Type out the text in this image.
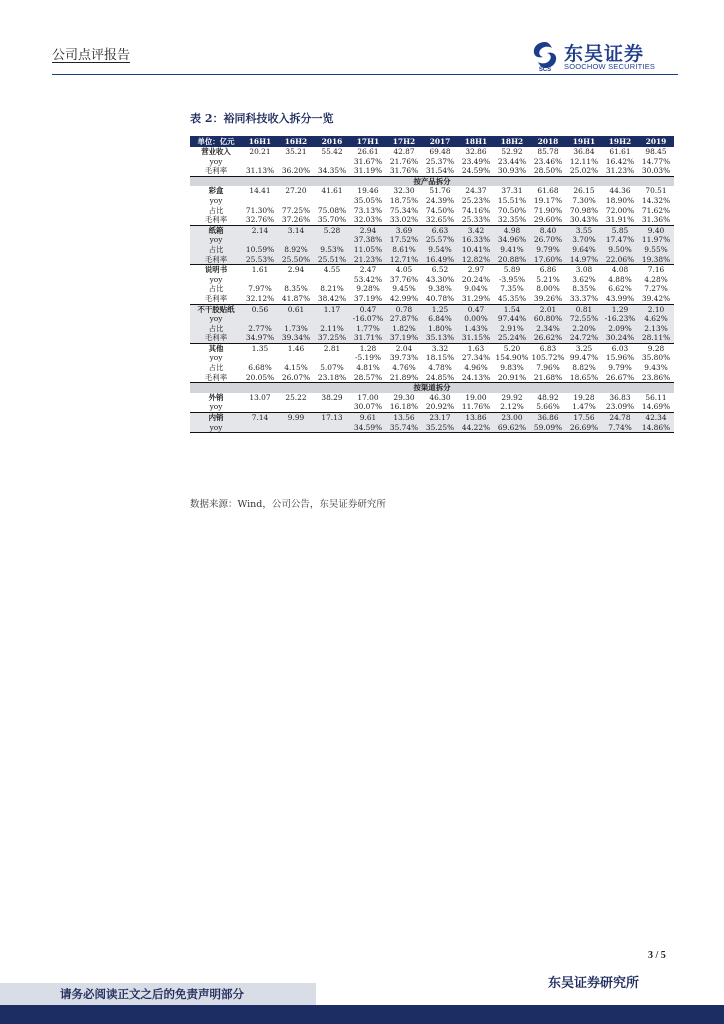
公司点评报告
SCS
东吴证券
SOOCHOW SECURITIES
表 2：裕同科技收入拆分一览
单位：亿元	16H1	16H2	2016	17H1	17H2	2017	18H1	18H2	2018	19H1	19H2	2019
营业收入	20.21	35.21	55.42	26.61	42.87	69.48	32.86	52.92	85.78	36.84	61.61	98.45
yoy				31.67%	21.76%	25.37%	23.49%	23.44%	23.46%	12.11%	16.42%	14.77%
毛利率	31.13%	36.20%	34.35%	31.19%	31.76%	31.54%	24.59%	30.93%	28.50%	25.02%	31.23%	30.03%
按产品拆分												
彩盒	14.41	27.20	41.61	19.46	32.30	51.76	24.37	37.31	61.68	26.15	44.36	70.51
yoy				35.05%	18.75%	24.39%	25.23%	15.51%	19.17%	7.30%	18.90%	14.32%
占比	71.30%	77.25%	75.08%	73.13%	75.34%	74.50%	74.16%	70.50%	71.90%	70.98%	72.00%	71.62%
毛利率	32.76%	37.26%	35.70%	32.03%	33.02%	32.65%	25.33%	32.35%	29.60%	30.43%	31.91%	31.36%
纸箱	2.14	3.14	5.28	2.94	3.69	6.63	3.42	4.98	8.40	3.55	5.85	9.40
yoy				37.38%	17.52%	25.57%	16.33%	34.96%	26.70%	3.70%	17.47%	11.97%
占比	10.59%	8.92%	9.53%	11.05%	8.61%	9.54%	10.41%	9.41%	9.79%	9.64%	9.50%	9.55%
毛利率	25.53%	25.50%	25.51%	21.23%	12.71%	16.49%	12.82%	20.88%	17.60%	14.97%	22.06%	19.38%
说明书	1.61	2.94	4.55	2.47	4.05	6.52	2.97	5.89	6.86	3.08	4.08	7.16
yoy				53.42%	37.76%	43.30%	20.24%	-3.95%	5.21%	3.62%	4.88%	4.28%
占比	7.97%	8.35%	8.21%	9.28%	9.45%	9.38%	9.04%	7.35%	8.00%	8.35%	6.62%	7.27%
毛利率	32.12%	41.87%	38.42%	37.19%	42.99%	40.78%	31.29%	45.35%	39.26%	33.37%	43.99%	39.42%
不干胶贴纸	0.56	0.61	1.17	0.47	0.78	1.25	0.47	1.54	2.01	0.81	1.29	2.10
yoy				-16.07%	27.87%	6.84%	0.00%	97.44%	60.80%	72.55%	-16.23%	4.62%
占比	2.77%	1.73%	2.11%	1.77%	1.82%	1.80%	1.43%	2.91%	2.34%	2.20%	2.09%	2.13%
毛利率	34.97%	39.34%	37.25%	31.71%	37.19%	35.13%	31.15%	25.24%	26.62%	24.72%	30.24%	28.11%
其他	1.35	1.46	2.81	1.28	2.04	3.32	1.63	5.20	6.83	3.25	6.03	9.28
yoy				-5.19%	39.73%	18.15%	27.34%	154.90%	105.72%	99.47%	15.96%	35.80%
占比	6.68%	4.15%	5.07%	4.81%	4.76%	4.78%	4.96%	9.83%	7.96%	8.82%	9.79%	9.43%
毛利率	20.05%	26.07%	23.18%	28.57%	21.89%	24.85%	24.13%	20.91%	21.68%	18.65%	26.67%	23.86%
按渠道拆分												
外销	13.07	25.22	38.29	17.00	29.30	46.30	19.00	29.92	48.92	19.28	36.83	56.11
yoy				30.07%	16.18%	20.92%	11.76%	2.12%	5.66%	1.47%	23.09%	14.69%
内销	7.14	9.99	17.13	9.61	13.56	23.17	13.86	23.00	36.86	17.56	24.78	42.34
yoy				34.59%	35.74%	35.25%	44.22%	69.62%	59.09%	26.69%	7.74%	14.86%
数据来源：Wind，公司公告，东吴证券研究所
3 / 5
东吴证券研究所
请务必阅读正文之后的免责声明部分
